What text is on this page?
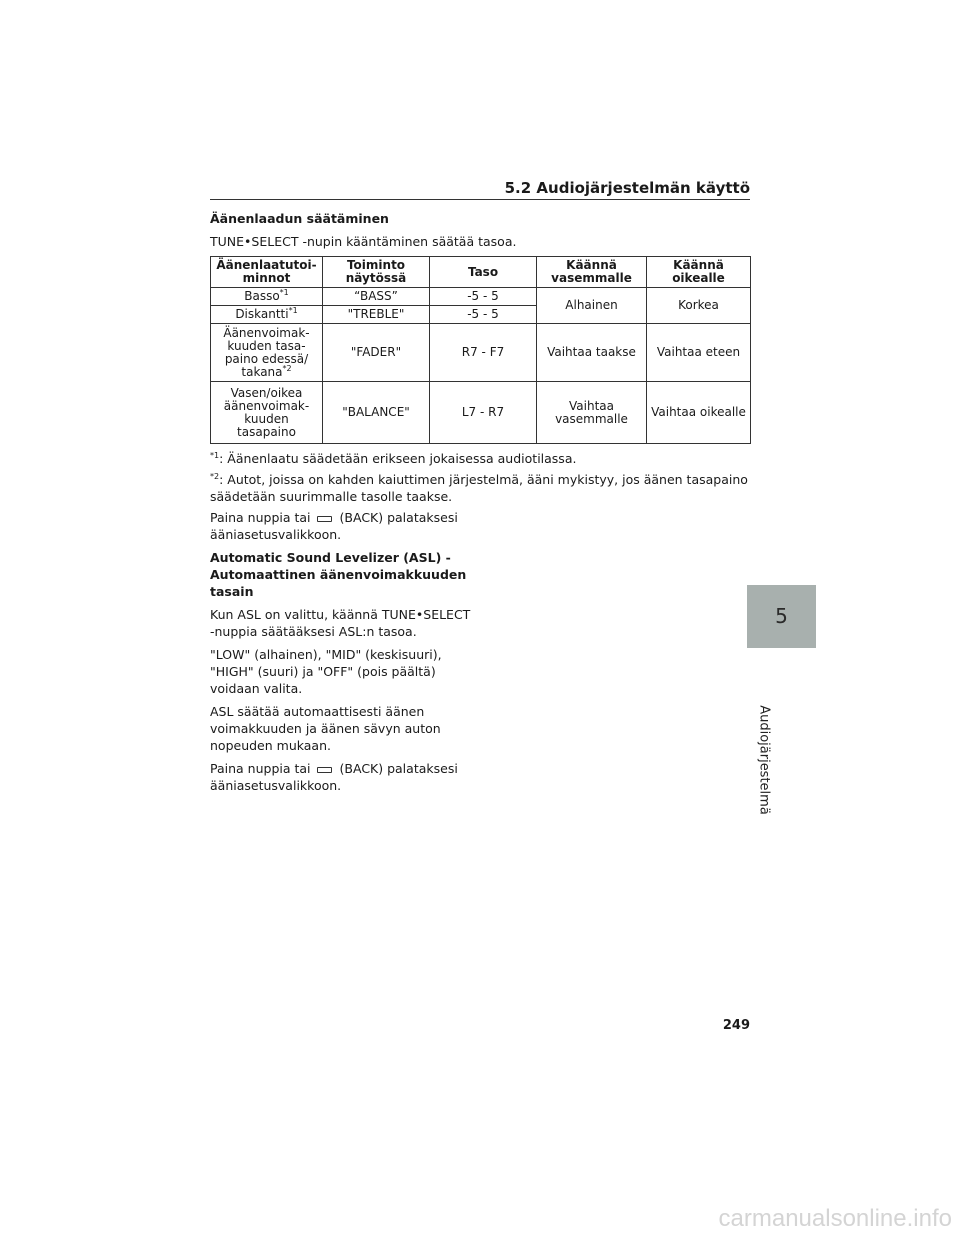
5.2 Audiojärjestelmän käyttö
Äänenlaadun säätäminen
TUNE•SELECT -nupin kääntäminen säätää tasoa.
Äänenlaatutoi- minnot	Toiminto näytössä	Taso	Käännä vasemmalle	Käännä oikealle
Basso$^{*1}$	“BASS”	-5 - 5	Alhainen	Korkea
Diskantti$^{*1}$	"TREBLE"	-5 - 5		
Äänenvoimak- kuuden tasa- paino edessä/ takana$^{*2}$	"FADER"	R7 - F7	Vaihtaa taakse	Vaihtaa eteen
Vasen/oikea äänenvoimak- kuuden tasapaino	"BALANCE"	L7 - R7	Vaihtaa vasemmalle	Vaihtaa oikealle
$^{*1}$: Äänenlaatu säädetään erikseen jokaisessa audiotilassa.
$^{*2}$: Autot, joissa on kahden kaiuttimen järjestelmä, ääni mykistyy, jos äänen tasapaino säädetään suurimmalle tasolle taakse.
Paina nuppia tai (BACK) palataksesi ääniasetusvalikkoon.
Automatic Sound Levelizer (ASL) - Automaattinen äänenvoimakkuuden tasain
Kun ASL on valittu, käännä TUNE•SELECT -nuppia säätääksesi ASL:n tasoa.
"LOW" (alhainen), "MID" (keskisuuri), "HIGH" (suuri) ja "OFF" (pois päältä) voidaan valita.
ASL säätää automaattisesti äänen voimakkuuden ja äänen sävyn auton nopeuden mukaan.
Paina nuppia tai (BACK) palataksesi ääniasetusvalikkoon.
5
Audiojärjestelmä
249
carmanualsonline.info
